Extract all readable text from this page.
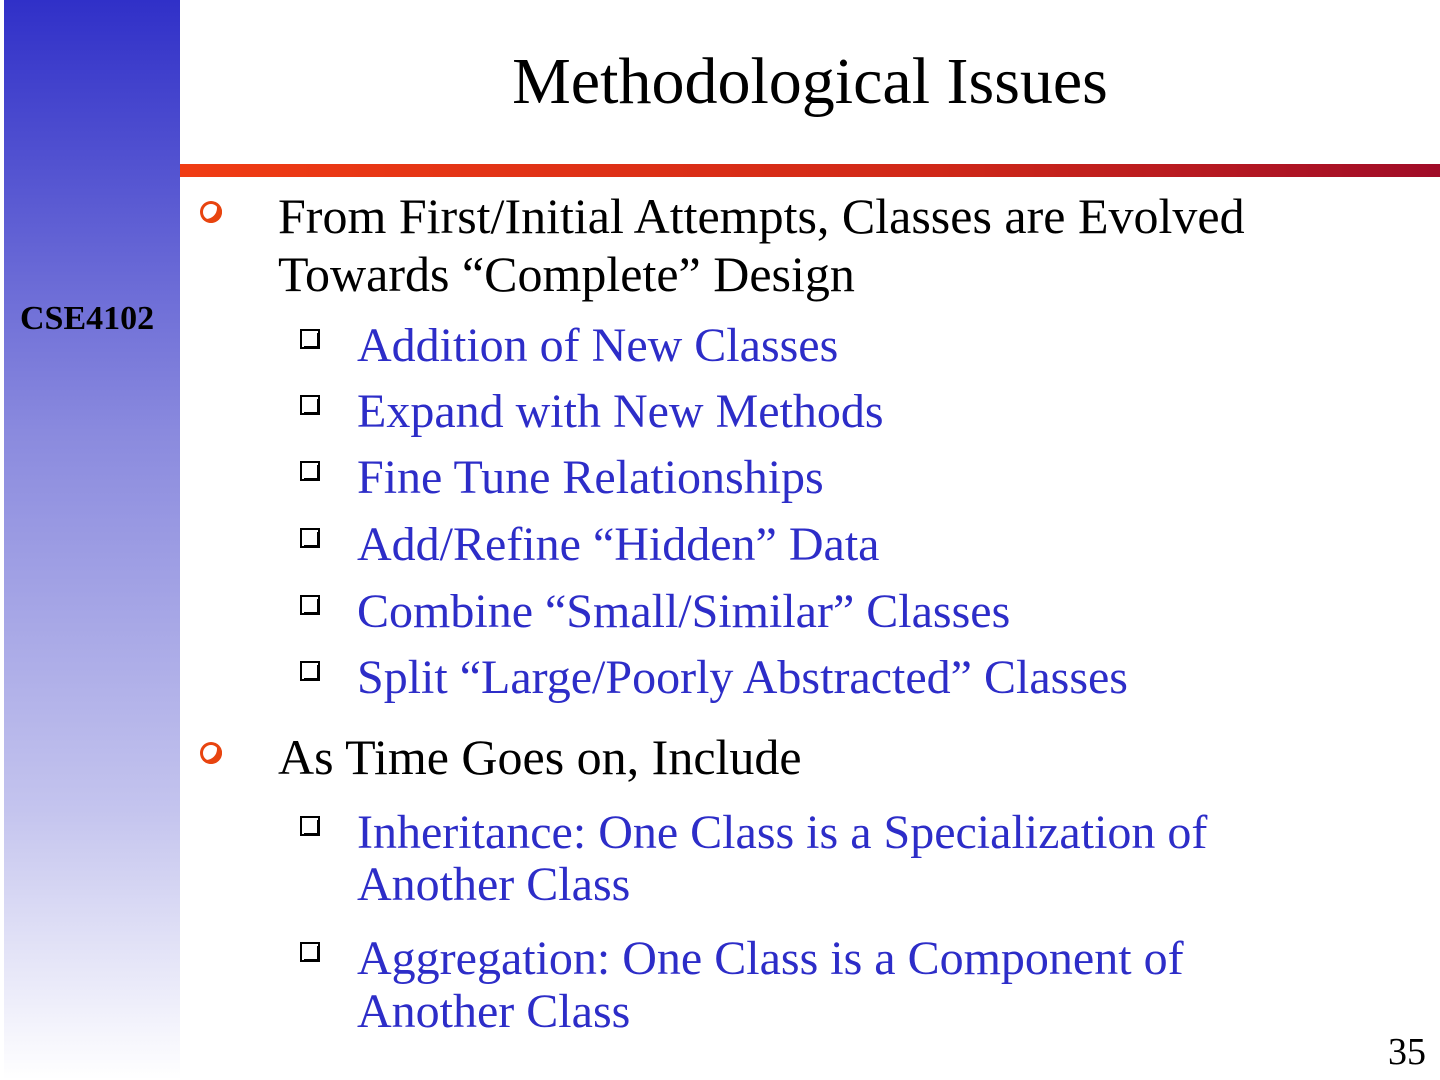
CSE4102
Methodological Issues

From First/Initial Attempts, Classes are Evolved

Towards “Complete” Design

Addition of New Classes

Expand with New Methods

Fine Tune Relationships

Add/Refine “Hidden” Data

Combine “Small/Similar” Classes

Split “Large/Poorly Abstracted” Classes

As Time Goes on, Include

Inheritance: One Class is a Specialization of

Another Class

Aggregation: One Class is a Component of

Another Class

35
